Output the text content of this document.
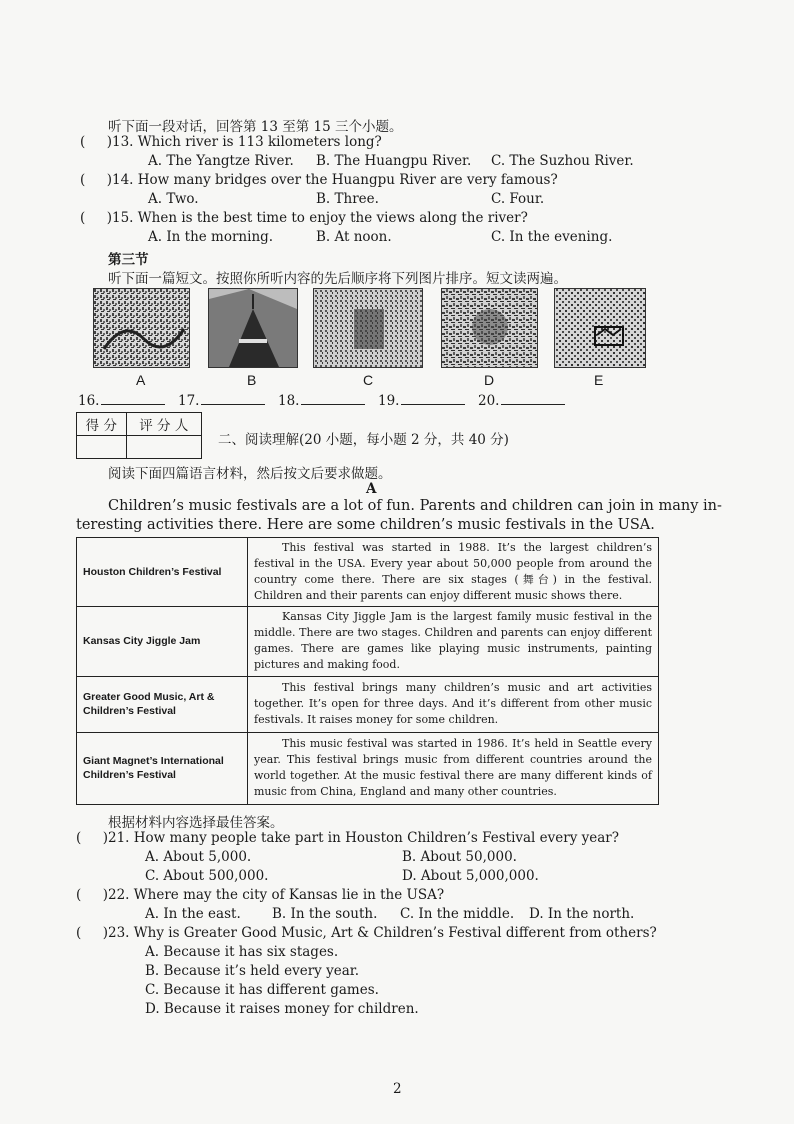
听下面一段对话，回答第 13 至第 15 三个小题。
(     )13. Which river is 113 kilometers long?
A. The Yangtze River. B. The Huangpu River. C. The Suzhou River.
(     )14. How many bridges over the Huangpu River are very famous?
A. Two.	B. Three.	C. Four.
(     )15. When is the best time to enjoy the views along the river?
A. In the morning.	B. At noon.	C. In the evening.
第三节
听下面一篇短文。按照你所听内容的先后顺序将下列图片排序。短文读两遍。
A	B	C	D	E
16.	17.	18.	19.	20.
得 分	评 分 人

二、阅读理解(20 小题，每小题 2 分，共 40 分)
阅读下面四篇语言材料，然后按文后要求做题。
A
Children’s music festivals are a lot of fun. Parents and children can join in many in-
teresting activities there. Here are some children’s music festivals in the USA.
Houston Children’s Festival	This festival was started in 1988. It’s the largest children’s festival in the USA. Every year about 50,000 people from around the country come there. There are six stages (舞台) in the festival. Children and their parents can enjoy different music shows there.
Kansas City Jiggle Jam	Kansas City Jiggle Jam is the largest family music festival in the middle. There are two stages. Children and parents can enjoy different games. There are games like playing music instruments, painting pictures and making food.
Greater Good Music, Art & Children’s Festival	This festival brings many children’s music and art activities together. It’s open for three days. And it’s different from other music festivals. It raises money for some children.
Giant Magnet’s International Children’s Festival	This music festival was started in 1986. It’s held in Seattle every year. This festival brings music from different countries around the world together. At the music festival there are many different kinds of music from China, England and many other countries.
根据材料内容选择最佳答案。
(     )21. How many people take part in Houston Children’s Festival every year?
A. About 5,000.	B. About 50,000.
C. About 500,000.	D. About 5,000,000.
(     )22. Where may the city of Kansas lie in the USA?
A. In the east. B. In the south. C. In the middle. D. In the north.
(     )23. Why is Greater Good Music, Art & Children’s Festival different from others?
A. Because it has six stages.
B. Because it’s held every year.
C. Because it has different games.
D. Because it raises money for children.
2
